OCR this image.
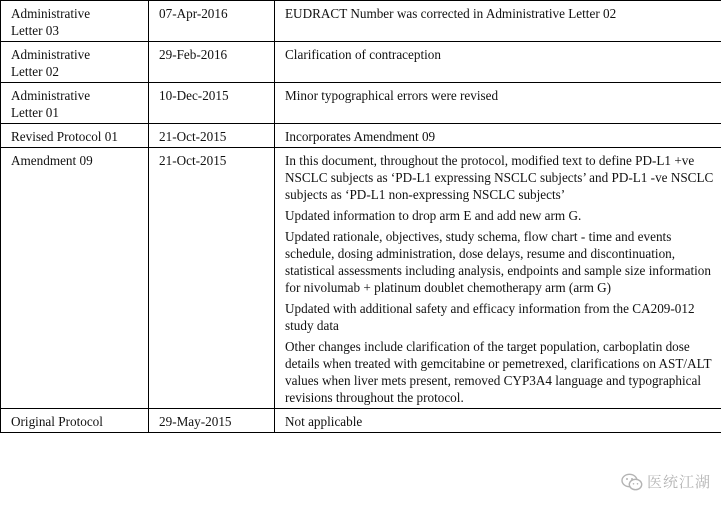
Administrative
Letter 03	07-Apr-2016	EUDRACT Number was corrected in Administrative Letter 02

Administrative
Letter 02	29-Feb-2016	Clarification of contraception

Administrative
Letter 01	10-Dec-2015	Minor typographical errors were revised

Revised Protocol 01	21-Oct-2015	Incorporates Amendment 09

Amendment 09	21-Oct-2015	In this document, throughout the protocol, modified text to define PD-L1 +ve NSCLC subjects as ‘PD-L1 expressing NSCLC subjects’ and PD-L1 -ve NSCLC subjects as ‘PD-L1 non-expressing NSCLC subjects’
Updated information to drop arm E and add new arm G.
Updated rationale, objectives, study schema, flow chart - time and events schedule, dosing administration, dose delays, resume and discontinuation, statistical assessments including analysis, endpoints and sample size information for nivolumab + platinum doublet chemotherapy arm (arm G)
Updated with additional safety and efficacy information from the CA209-012 study data
Other changes include clarification of the target population, carboplatin dose details when treated with gemcitabine or pemetrexed, clarifications on AST/ALT values when liver mets present, removed CYP3A4 language and typographical revisions throughout the protocol.

Original Protocol	29-May-2015	Not applicable
医统江湖
